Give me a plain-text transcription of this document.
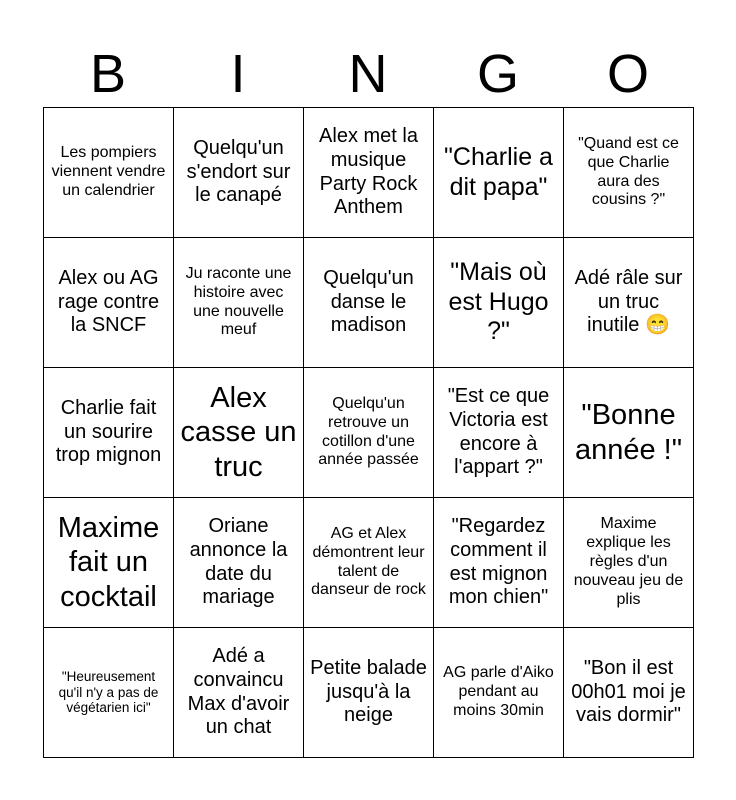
B	I	N	G	O
Les pompiers viennent vendre un calendrier	Quelqu'un s'endort sur le canapé	Alex met la musique Party Rock Anthem	"Charlie a dit papa"	"Quand est ce que Charlie aura des cousins ?"

Alex ou AG rage contre la SNCF	Ju raconte une histoire avec une nouvelle meuf	Quelqu'un danse le madison	"Mais où est Hugo ?"	Adé râle sur un truc inutile 😁

Charlie fait un sourire trop mignon	Alex casse un truc	Quelqu'un retrouve un cotillon d'une année passée	"Est ce que Victoria est encore à l'appart ?"	"Bonne année !"

Maxime fait un cocktail	Oriane annonce la date du mariage	AG et Alex démontrent leur talent de danseur de rock	"Regardez comment il est mignon mon chien"	Maxime explique les règles d'un nouveau jeu de plis

"Heureusement qu'il n'y a pas de végétarien ici"	Adé a convaincu Max d'avoir un chat	Petite balade jusqu'à la neige	AG parle d'Aiko pendant au moins 30min	"Bon il est 00h01 moi je vais dormir"
